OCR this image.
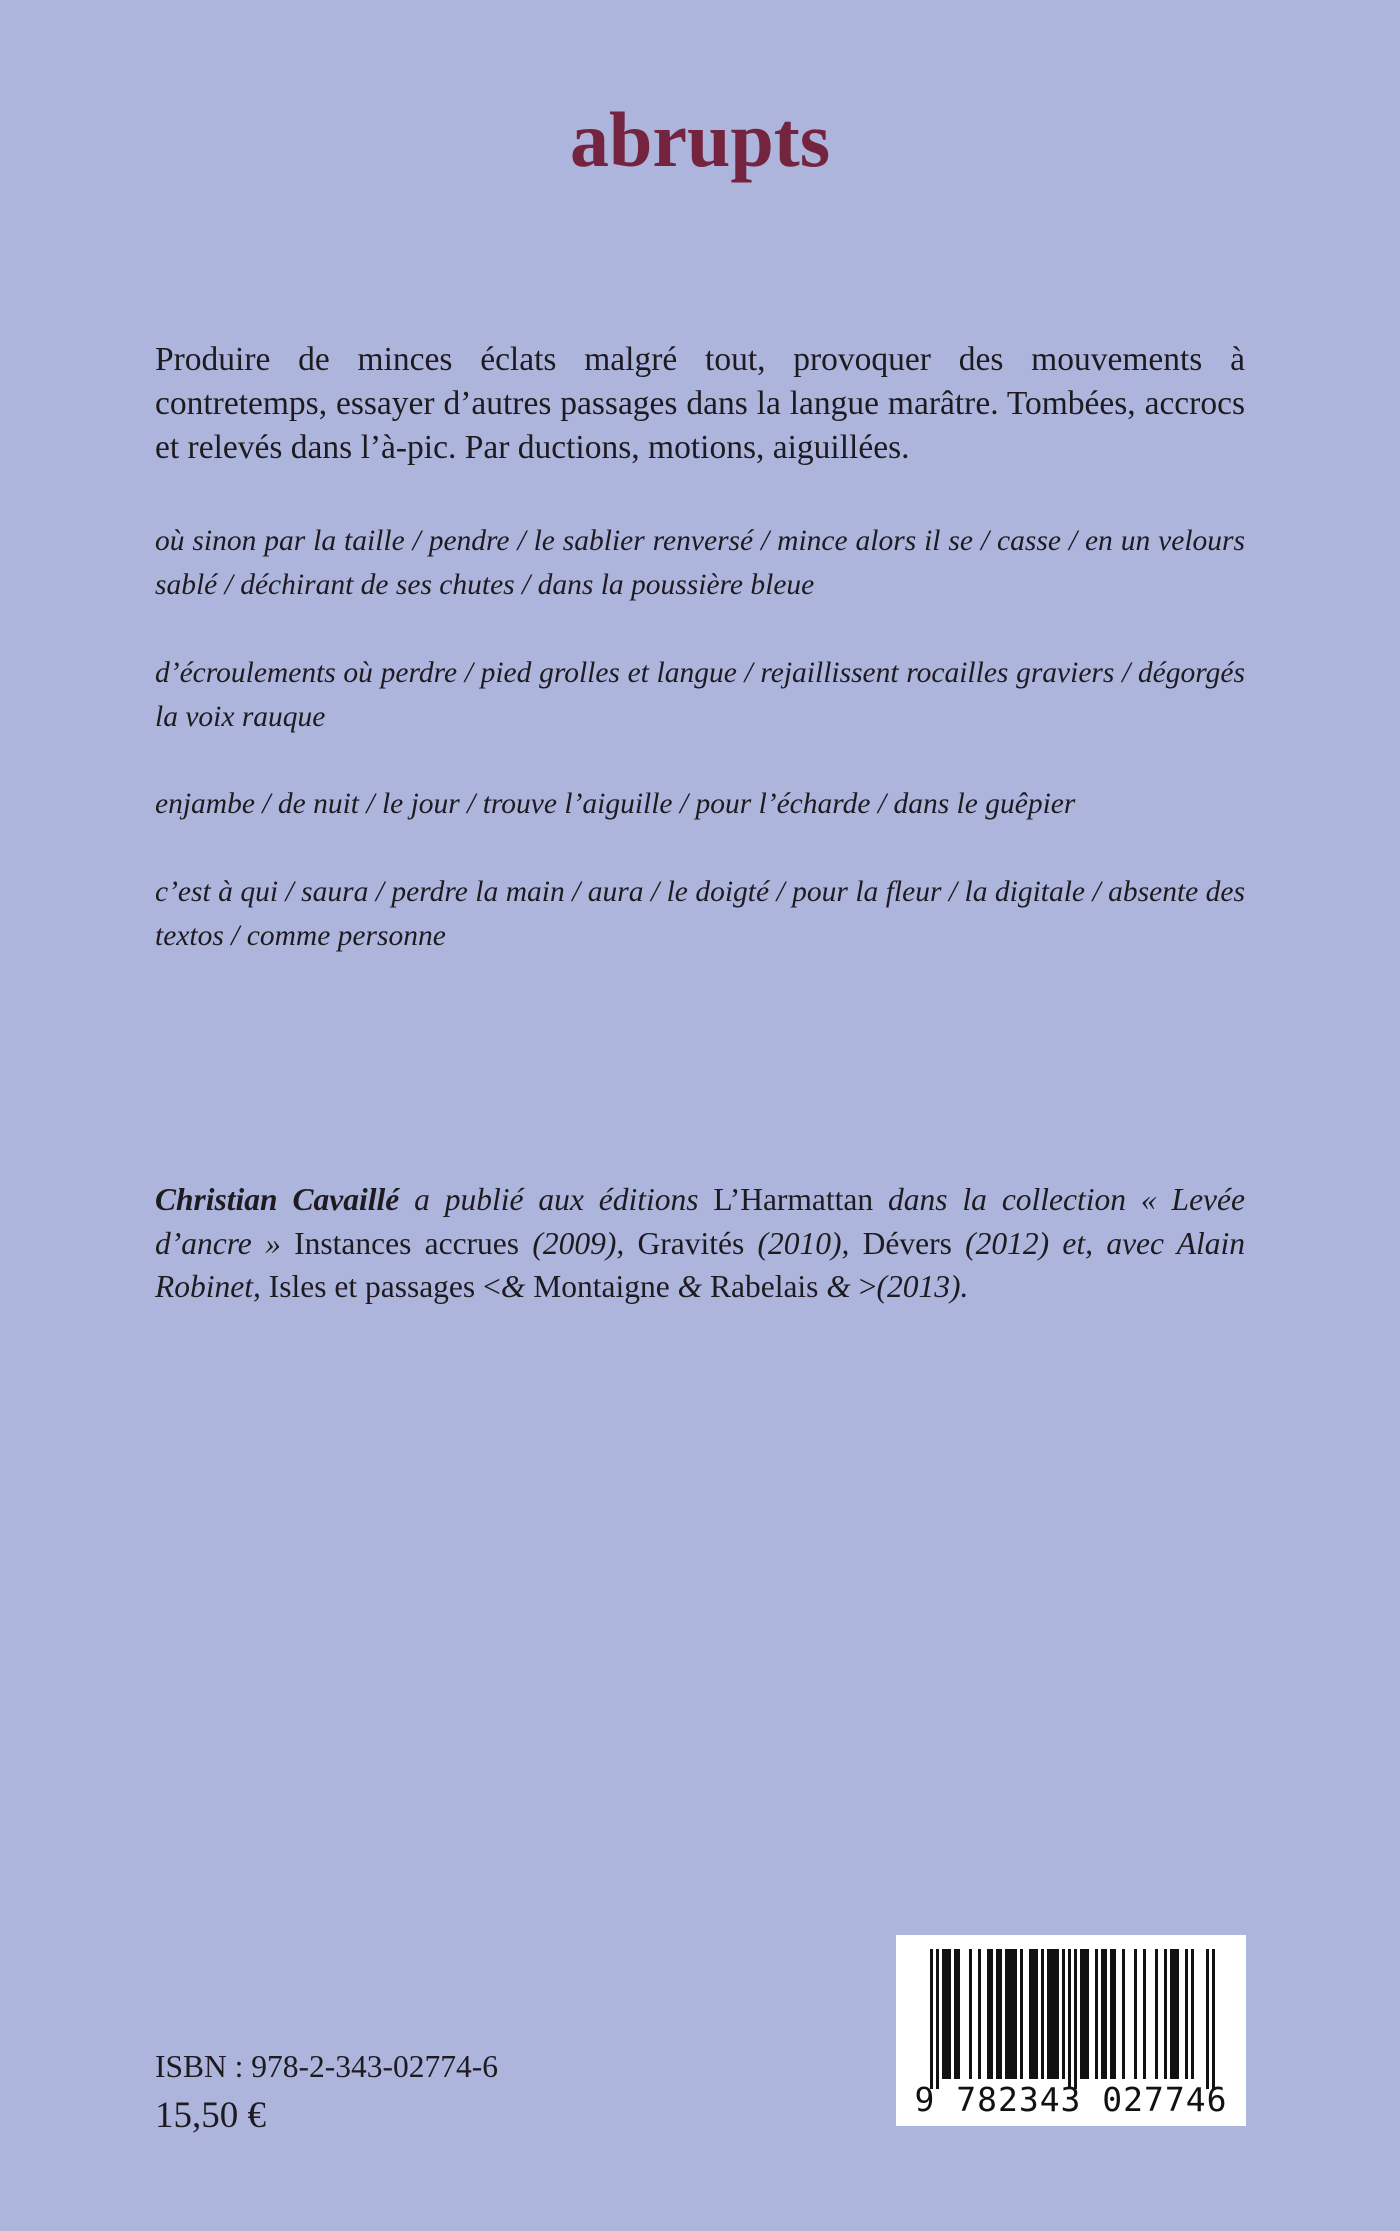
abrupts

Produire de minces éclats malgré tout, provoquer des mouvements à contretemps, essayer d’autres passages dans la langue marâtre. Tombées, accrocs et relevés dans l’à-pic. Par ductions, motions, aiguillées.

où sinon par la taille / pendre / le sablier renversé / mince alors il se / casse / en un velours sablé / déchirant de ses chutes / dans la poussière bleue

d’écroulements où perdre / pied grolles et langue / rejaillissent rocailles graviers / dégorgés la voix rauque

enjambe / de nuit / le jour / trouve l’aiguille / pour l’écharde / dans le guêpier

c’est à qui / saura / perdre la main / aura / le doigté / pour la fleur / la digitale / absente des textos / comme personne

Christian Cavaillé a publié aux éditions L’Harmattan dans la collection « Levée d’ancre » Instances accrues (2009), Gravités (2010), Dévers (2012) et, avec Alain Robinet, Isles et passages <& Montaigne & Rabelais & >(2013).

ISBN : 978-2-343-02774-6

15,50 €	9 782343 027746
